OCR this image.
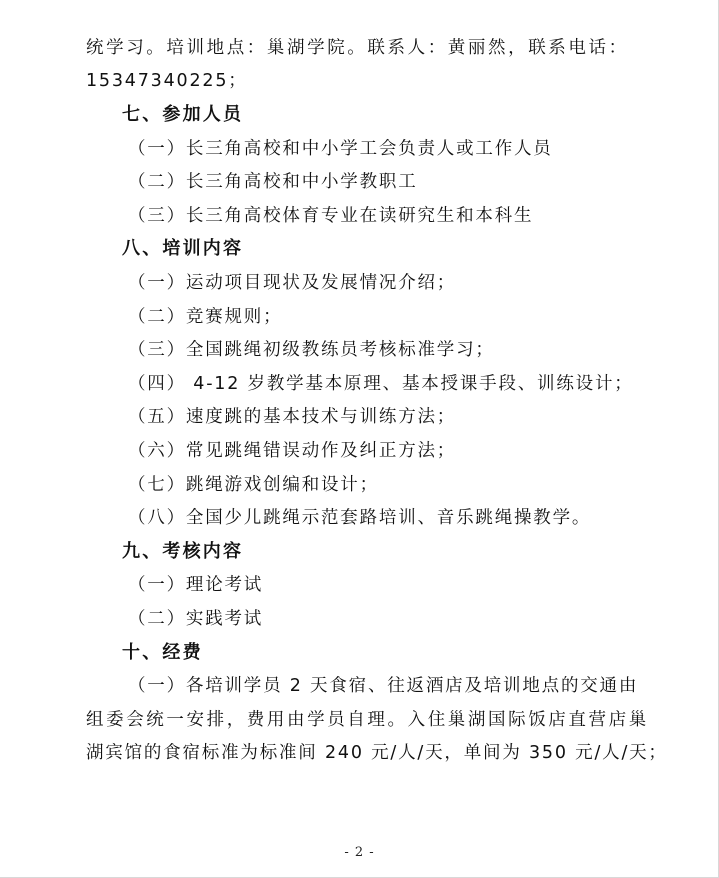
统学习。培训地点：巢湖学院。联系人：黄丽然，联系电话：
15347340225；
七、参加人员
（一）长三角高校和中小学工会负责人或工作人员
（二）长三角高校和中小学教职工
（三）长三角高校体育专业在读研究生和本科生
八、培训内容
（一）运动项目现状及发展情况介绍；
（二）竞赛规则；
（三）全国跳绳初级教练员考核标准学习；
（四） 4-12 岁教学基本原理、基本授课手段、训练设计；
（五）速度跳的基本技术与训练方法；
（六）常见跳绳错误动作及纠正方法；
（七）跳绳游戏创编和设计；
（八）全国少儿跳绳示范套路培训、音乐跳绳操教学。
九、考核内容
（一）理论考试
（二）实践考试
十、经费
（一）各培训学员 2 天食宿、往返酒店及培训地点的交通由
组委会统一安排，费用由学员自理。入住巢湖国际饭店直营店巢
湖宾馆的食宿标准为标准间 240 元/人/天，单间为 350 元/人/天；
- 2 -
